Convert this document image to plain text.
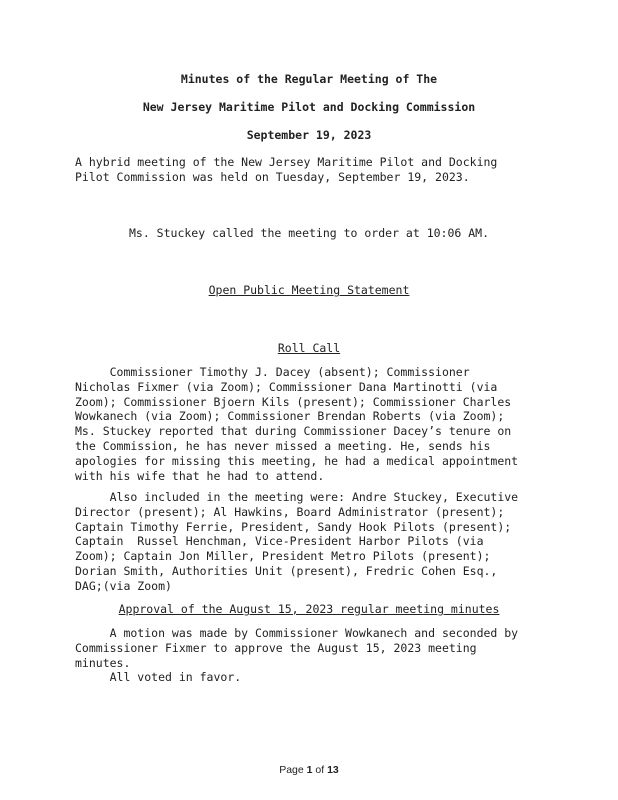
Minutes of the Regular Meeting of The
New Jersey Maritime Pilot and Docking Commission
September 19, 2023
A hybrid meeting of the New Jersey Maritime Pilot and Docking
Pilot Commission was held on Tuesday, September 19, 2023.
Ms. Stuckey called the meeting to order at 10:06 AM.
Open Public Meeting Statement
Roll Call
Commissioner Timothy J. Dacey (absent); Commissioner
Nicholas Fixmer (via Zoom); Commissioner Dana Martinotti (via
Zoom); Commissioner Bjoern Kils (present); Commissioner Charles
Wowkanech (via Zoom); Commissioner Brendan Roberts (via Zoom);
Ms. Stuckey reported that during Commissioner Dacey’s tenure on
the Commission, he has never missed a meeting. He, sends his
apologies for missing this meeting, he had a medical appointment
with his wife that he had to attend.
Also included in the meeting were: Andre Stuckey, Executive
Director (present); Al Hawkins, Board Administrator (present);
Captain Timothy Ferrie, President, Sandy Hook Pilots (present);
Captain  Russel Henchman, Vice-President Harbor Pilots (via
Zoom); Captain Jon Miller, President Metro Pilots (present);
Dorian Smith, Authorities Unit (present), Fredric Cohen Esq.,
DAG;(via Zoom)
Approval of the August 15, 2023 regular meeting minutes
A motion was made by Commissioner Wowkanech and seconded by
Commissioner Fixmer to approve the August 15, 2023 meeting
minutes.
All voted in favor.
Page 1 of 13
